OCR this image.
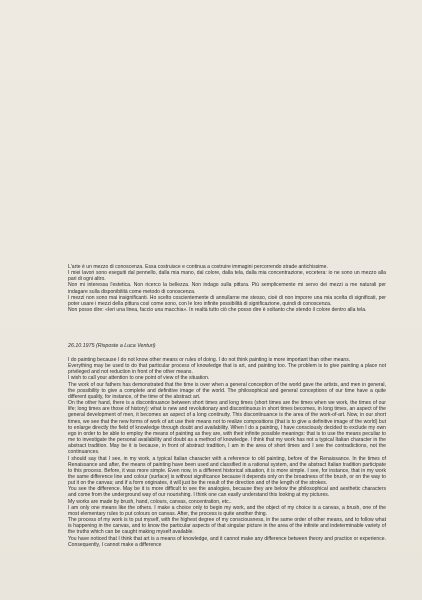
L'arte è un mezzo di conoscenza. Essa costruisce e continua a costruire immagini percorrendo strade antichissime.

I miei lavori sono eseguiti dal pennello, dalla mia mano, dal colore, dalla tela, dalla mia concentrazione, eccetera: io ne sono un mezzo alla pari di ogni altro.

Non mi interessa l'estetica. Non ricerco la bellezza. Non indago sulla pittura. Più semplicemente mi servo dei mezzi a me naturali per indagare sulla disponibilità come metodo di conoscenza.

I mezzi non sono mai insignificanti. Ho scelto coscientemente di annullarne me stesso, cioè di non imporre una mia scelta di significati, per poter usare i mezzi della pittura così come sono, con le loro infinite possibilità di significazione, quindi di conoscenza.

Non posso dire: «Ieri una linea, faccio una macchia». In realtà tutto ciò che posso dire è soltanto che stendo il colore dentro alla tela.

26.10.1975 (Risposte a Luca Venturi)

I do painting because I do not know other means or rules of doing. I do not think painting is more important than other means.

Everything may be used to do that particular process of knowledge that is art, and painting too. The problem is to give painting a place not privileged and not reduction in front of the other means.

I wish to call your attention to one point of view of the situation.

The work of our fathers has demonstrated that the time is over when a general conception of the world gave the artists, and men in general, the possibility to give a complete and definitive image of the world. The philosophical and general conceptions of our time have a quite different quality, for instance, of the time of the abstract art.

On the other hand, there is a discontinuance between short times and long times (short times are the times when we work, the times of our life; long times are those of history): what is new and revolutionary and discontinuous in short times becomes, in long times, an aspect of the general development of men, it becomes an aspect of a long continuity. This discontinuance is the area of the work-of-art. Now, in our short times, we see that the new forms of work of art use their means not to realize compositions (that is to give a definitive image of the world) but to enlarge directly the field of knowledge through doubt and availability. When I do a painting, I have consciously decided to exclude my own ego in order to be able to employ the means of painting as they are, with their infinite possible meanings: that is to use the means peculiar to me to investigate the personal availability and doubt as a method of knowledge. I think that my work has not a typical Italian character in the abstract tradition. May be it is because, in front of abstract tradition, I am in the area of short times and I see the contradictions, not the continuances.

I should say that I see, in my work, a typical Italian character with a reference to old painting, before of the Renaissance. In the times of Renaissance and after, the means of painting have been used and classified in a rational system, and the abstract Italian tradition participate to this process. Before, it was more simple. Even now, in a different historical situation, it is more simple. I see, for instance, that in my work the same difference line and colour (surface) is without significance because it depends only on the broadness of the brush, or on the way to put it on the canvas; and if a form originates, it will just be the result of the direction and of the length of the strokes.

You see the difference. May be it is more difficult to see the analogies, because they are below the philosophical and aesthetic characters and come from the underground way of our nourishing. I think one can easily understand this looking at my pictures.

My works are made by brush, hand, colours, canvas, concentration, etc..

I am only one means like the others. I make a choice only to begin my work, and the object of my choice is a canvas, a brush, one of the most elementary rules to put colours on canvas. After, the process is quite another thing.

The process of my work is to put myself, with the highest degree of my consciousness, in the same order of other means, and to follow what is happening in the canvas, and to know the particular aspects of that singular picture in the area of the infinite and indeterminable variety of the truths which can be caught making myself available.

You have noticed that I think that art is a means of knowledge, and it cannot make any difference between theory and practice or experience. Consequently, I cannot make a difference
